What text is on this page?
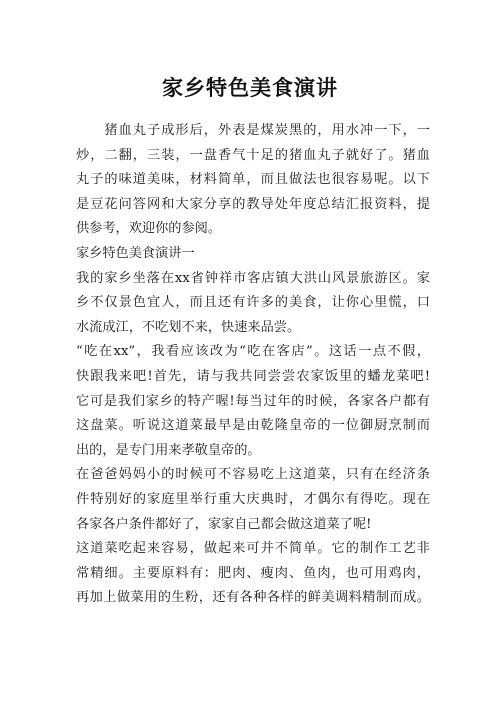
家乡特色美食演讲
　　猪血丸子成形后，外表是煤炭黑的，用水冲一下，一
炒，二翻，三装，一盘香气十足的猪血丸子就好了。猪血
丸子的味道美味，材料简单，而且做法也很容易呢。以下
是豆花问答网和大家分享的教导处年度总结汇报资料，提
供参考，欢迎你的参阅。
家乡特色美食演讲一
我的家乡坐落在xx省钟祥市客店镇大洪山风景旅游区。家
乡不仅景色宜人，而且还有许多的美食，让你心里慌，口
水流成江，不吃划不来，快速来品尝。
“吃在xx”，我看应该改为“吃在客店”。这话一点不假，
快跟我来吧!首先，请与我共同尝尝农家饭里的蟠龙菜吧!
它可是我们家乡的特产喔!每当过年的时候，各家各户都有
这盘菜。听说这道菜最早是由乾隆皇帝的一位御厨烹制而
出的，是专门用来孝敬皇帝的。
在爸爸妈妈小的时候可不容易吃上这道菜，只有在经济条
件特别好的家庭里举行重大庆典时，才偶尔有得吃。现在
各家各户条件都好了，家家自己都会做这道菜了呢!
这道菜吃起来容易，做起来可并不简单。它的制作工艺非
常精细。主要原料有：肥肉、瘦肉、鱼肉，也可用鸡肉，
再加上做菜用的生粉，还有各种各样的鲜美调料精制而成。
